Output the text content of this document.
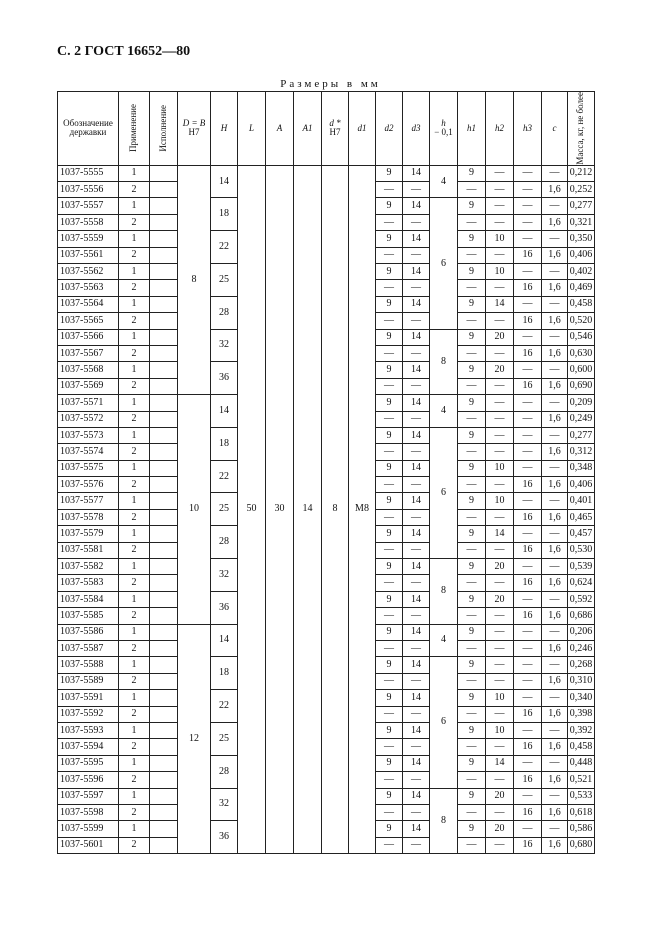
С. 2 ГОСТ 16652—80
Размеры в мм
Обозначение державки	Применение	Исполнение	D = B
H7	H	L	A	A1	d *
H7	d1	d2	d3	h
− 0,1	h1	h2	h3	c	Масса, кг, не более

1037-5555	1		8	14	50	30	14	8	M8	9	14	4	9	—	—	—	0,212
1037-5556	2									—	—		—	—	—	1,6	0,252
1037-5557	1			18						9	14	6	9	—	—	—	0,277
1037-5558	2									—	—		—	—	—	1,6	0,321
1037-5559	1			22						9	14		9	10	—	—	0,350
1037-5561	2									—	—		—	—	16	1,6	0,406
1037-5562	1			25						9	14		9	10	—	—	0,402
1037-5563	2									—	—		—	—	16	1,6	0,469
1037-5564	1			28						9	14		9	14	—	—	0,458
1037-5565	2									—	—		—	—	16	1,6	0,520
1037-5566	1			32						9	14	8	9	20	—	—	0,546
1037-5567	2									—	—		—	—	16	1,6	0,630
1037-5568	1			36						9	14		9	20	—	—	0,600
1037-5569	2									—	—		—	—	16	1,6	0,690
1037-5571	1		10	14						9	14	4	9	—	—	—	0,209
1037-5572	2									—	—		—	—	—	1,6	0,249
1037-5573	1			18						9	14	6	9	—	—	—	0,277
1037-5574	2									—	—		—	—	—	1,6	0,312
1037-5575	1			22						9	14		9	10	—	—	0,348
1037-5576	2									—	—		—	—	16	1,6	0,406
1037-5577	1			25						9	14		9	10	—	—	0,401
1037-5578	2									—	—		—	—	16	1,6	0,465
1037-5579	1			28						9	14		9	14	—	—	0,457
1037-5581	2									—	—		—	—	16	1,6	0,530
1037-5582	1			32						9	14	8	9	20	—	—	0,539
1037-5583	2									—	—		—	—	16	1,6	0,624
1037-5584	1			36						9	14		9	20	—	—	0,592
1037-5585	2									—	—		—	—	16	1,6	0,686
1037-5586	1		12	14						9	14	4	9	—	—	—	0,206
1037-5587	2									—	—		—	—	—	1,6	0,246
1037-5588	1			18						9	14	6	9	—	—	—	0,268
1037-5589	2									—	—		—	—	—	1,6	0,310
1037-5591	1			22						9	14		9	10	—	—	0,340
1037-5592	2									—	—		—	—	16	1,6	0,398
1037-5593	1			25						9	14		9	10	—	—	0,392
1037-5594	2									—	—		—	—	16	1,6	0,458
1037-5595	1			28						9	14		9	14	—	—	0,448
1037-5596	2									—	—		—	—	16	1,6	0,521
1037-5597	1			32						9	14	8	9	20	—	—	0,533
1037-5598	2									—	—		—	—	16	1,6	0,618
1037-5599	1			36						9	14		9	20	—	—	0,586
1037-5601	2									—	—		—	—	16	1,6	0,680
